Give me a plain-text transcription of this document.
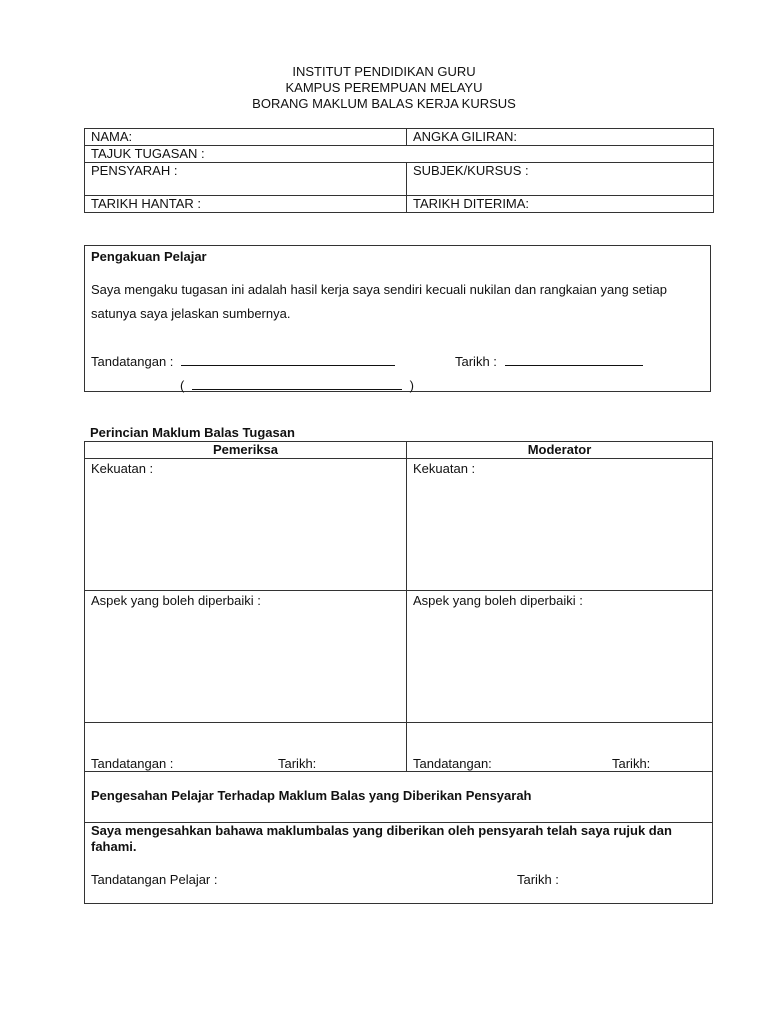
INSTITUT PENDIDIKAN GURU
KAMPUS PEREMPUAN MELAYU
BORANG MAKLUM BALAS KERJA KURSUS
NAMA:	ANGKA GILIRAN:
TAJUK TUGASAN :	
PENSYARAH :	SUBJEK/KURSUS :
TARIKH HANTAR :	TARIKH DITERIMA:
Pengakuan Pelajar
Saya mengaku tugasan ini adalah hasil kerja saya sendiri kecuali nukilan dan rangkaian yang setiap satunya saya jelaskan sumbernya.
Tandatangan :	Tarikh :
(	)
Perincian Maklum Balas Tugasan
Pemeriksa	Moderator
Kekuatan :	Kekuatan :
Aspek yang boleh diperbaiki :	Aspek yang boleh diperbaiki :
Tandatangan :	Tarikh:	Tandatangan:	Tarikh:
Pengesahan Pelajar Terhadap Maklum Balas yang Diberikan Pensyarah
Saya mengesahkan bahawa maklumbalas yang diberikan oleh pensyarah telah saya rujuk dan fahami.
Tandatangan Pelajar :	Tarikh :
